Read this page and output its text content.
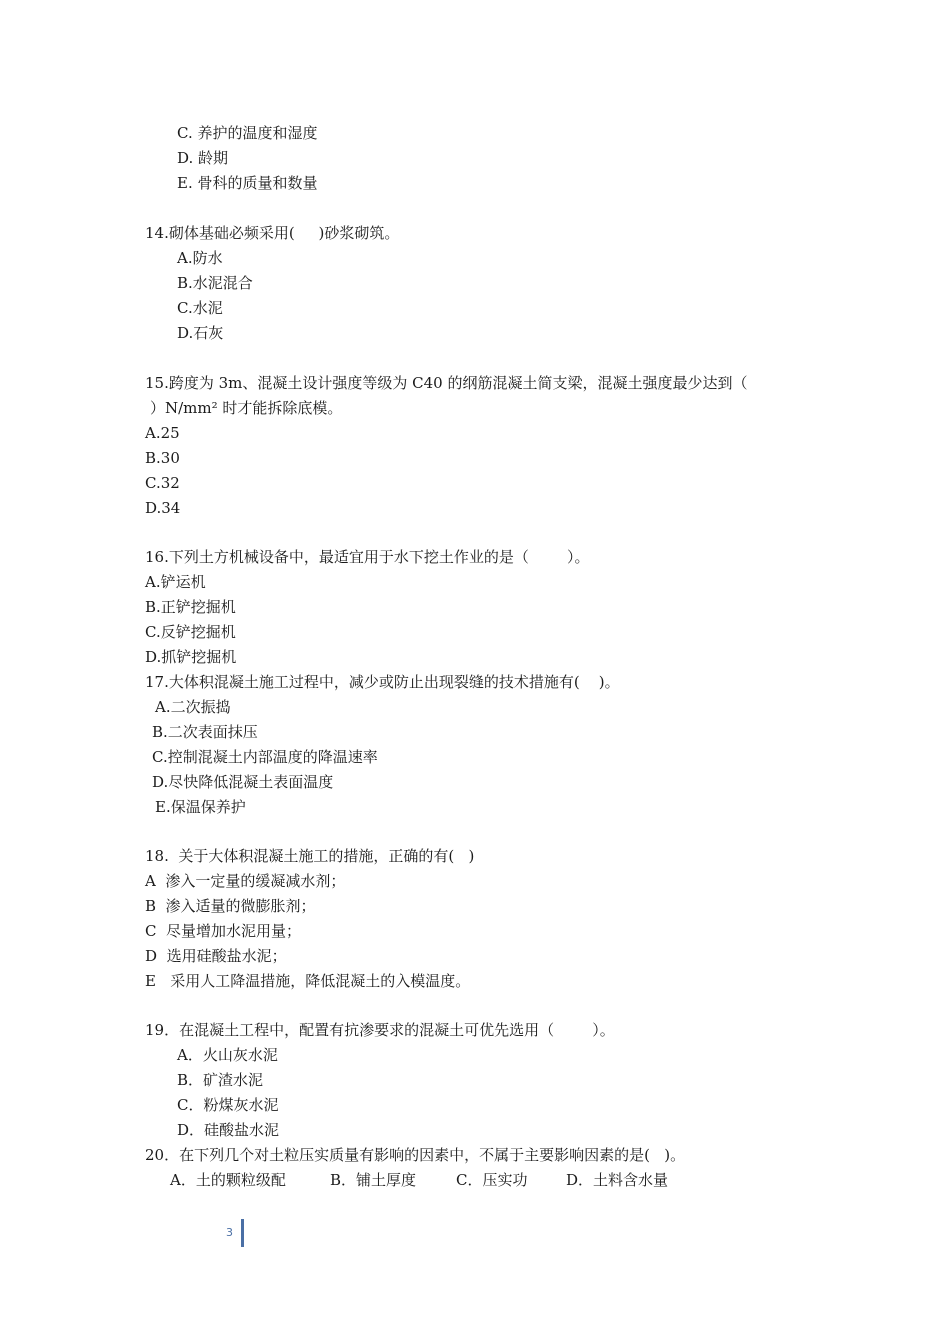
C. 养护的温度和湿度
D. 龄期
E. 骨科的质量和数量
14.砌体基础必频采用(     )砂浆砌筑。
A.防水
B.水泥混合
C.水泥
D.石灰
15.跨度为 3m、混凝土设计强度等级为 C40 的纲筋混凝土简支梁，混凝土强度最少达到（
）N/mm² 时才能拆除底模。
A.25
B.30
C.32
D.34
16.下列土方机械设备中，最适宜用于水下挖土作业的是（        ）。
A.铲运机
B.正铲挖掘机
C.反铲挖掘机
D.抓铲挖掘机
17.大体积混凝土施工过程中，减少或防止出现裂缝的技术措施有(    )。
A.二次振捣
B.二次表面抹压
C.控制混凝土内部温度的降温速率
D.尽快降低混凝土表面温度
E.保温保养护
18.  关于大体积混凝土施工的措施，正确的有(   )
A  渗入一定量的缓凝减水剂；
B  渗入适量的微膨胀剂；
C  尽量增加水泥用量；
D  选用硅酸盐水泥；
E   采用人工降温措施，降低混凝土的入模温度。
19．在混凝土工程中，配置有抗渗要求的混凝土可优先选用（        ）。
A．火山灰水泥
B．矿渣水泥
C．粉煤灰水泥
D．硅酸盐水泥
20．在下列几个对土粒压实质量有影响的因素中，不属于主要影响因素的是(   )。
A．土的颗粒级配	B．铺土厚度	C．压实功	D．土料含水量
3
